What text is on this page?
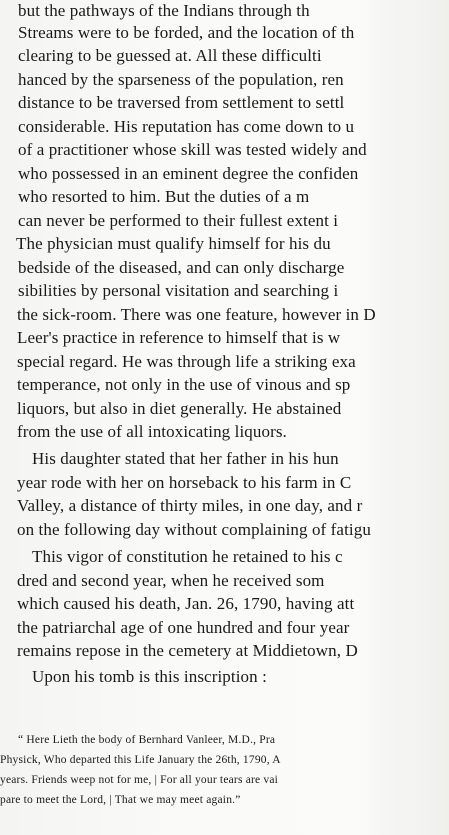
but the pathways of the Indians through th
Streams were to be forded, and the location of th
clearing to be guessed at. All these difficulti
hanced by the sparseness of the population, ren
distance to be traversed from settlement to settl
considerable. His reputation has come down to u
of a practitioner whose skill was tested widely and
who possessed in an eminent degree the confiden
who resorted to him. But the duties of a m
can never be performed to their fullest extent i
The physician must qualify himself for his du
bedside of the diseased, and can only discharge
sibilities by personal visitation and searching i
the sick-room. There was one feature, however in D
Leer's practice in reference to himself that is w
special regard. He was through life a striking exa
temperance, not only in the use of vinous and sp
liquors, but also in diet generally. He abstained
from the use of all intoxicating liquors.
His daughter stated that her father in his hun
year rode with her on horseback to his farm in C
Valley, a distance of thirty miles, in one day, and r
on the following day without complaining of fatigu
This vigor of constitution he retained to his c
dred and second year, when he received som
which caused his death, Jan. 26, 1790, having att
the patriarchal age of one hundred and four year
remains repose in the cemetery at Middietown, D
Upon his tomb is this inscription :
“ Here Lieth the body of Bernhard Vanleer, M.D., Pra
Physick, Who departed this Life January the 26th, 1790, A
years. Friends weep not for me, | For all your tears are vai
pare to meet the Lord, | That we may meet again.”
